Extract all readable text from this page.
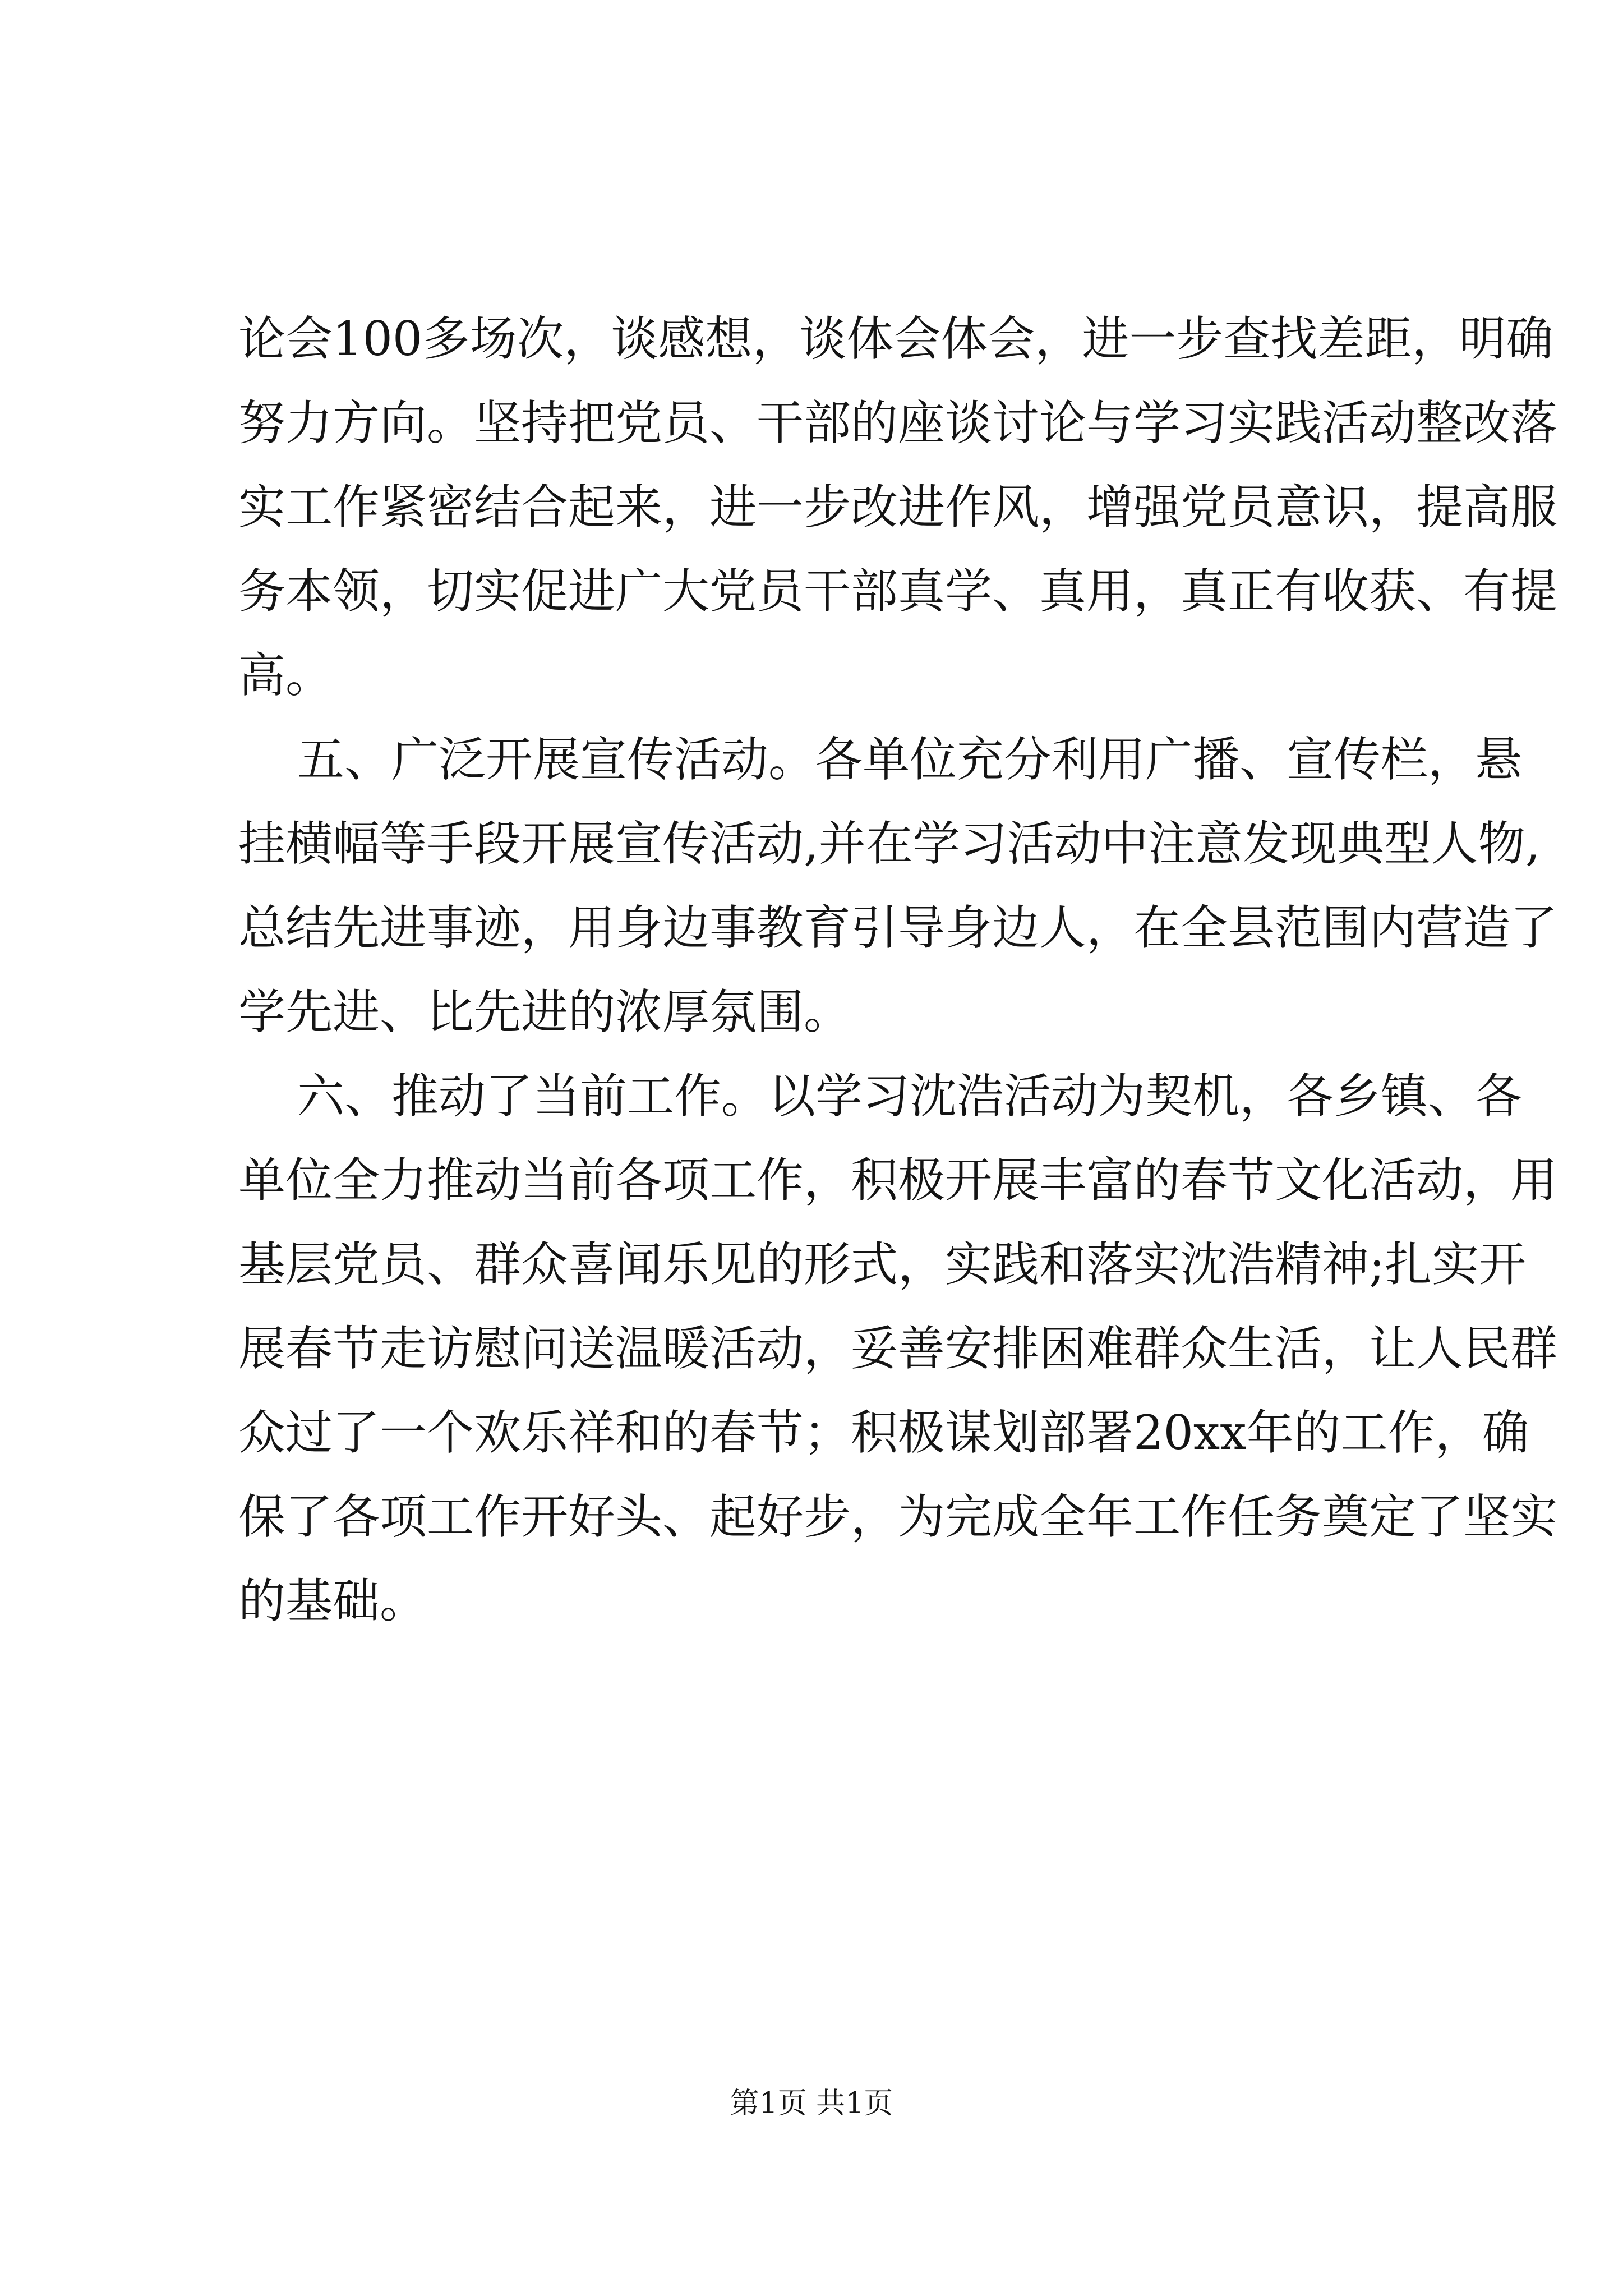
论会100多场次，谈感想，谈体会体会，进一步查找差距，明确
努力方向。坚持把党员、干部的座谈讨论与学习实践活动整改落
实工作紧密结合起来，进一步改进作风，增强党员意识，提高服
务本领，切实促进广大党员干部真学、真用，真正有收获、有提
高。
五、广泛开展宣传活动。各单位充分利用广播、宣传栏，悬
挂横幅等手段开展宣传活动,并在学习活动中注意发现典型人物,
总结先进事迹，用身边事教育引导身边人，在全县范围内营造了
学先进、比先进的浓厚氛围。
六、推动了当前工作。以学习沈浩活动为契机，各乡镇、各
单位全力推动当前各项工作，积极开展丰富的春节文化活动，用
基层党员、群众喜闻乐见的形式，实践和落实沈浩精神;扎实开
展春节走访慰问送温暖活动，妥善安排困难群众生活，让人民群
众过了一个欢乐祥和的春节；积极谋划部署20xx年的工作，确
保了各项工作开好头、起好步，为完成全年工作任务奠定了坚实
的基础。
第1页 共1页
